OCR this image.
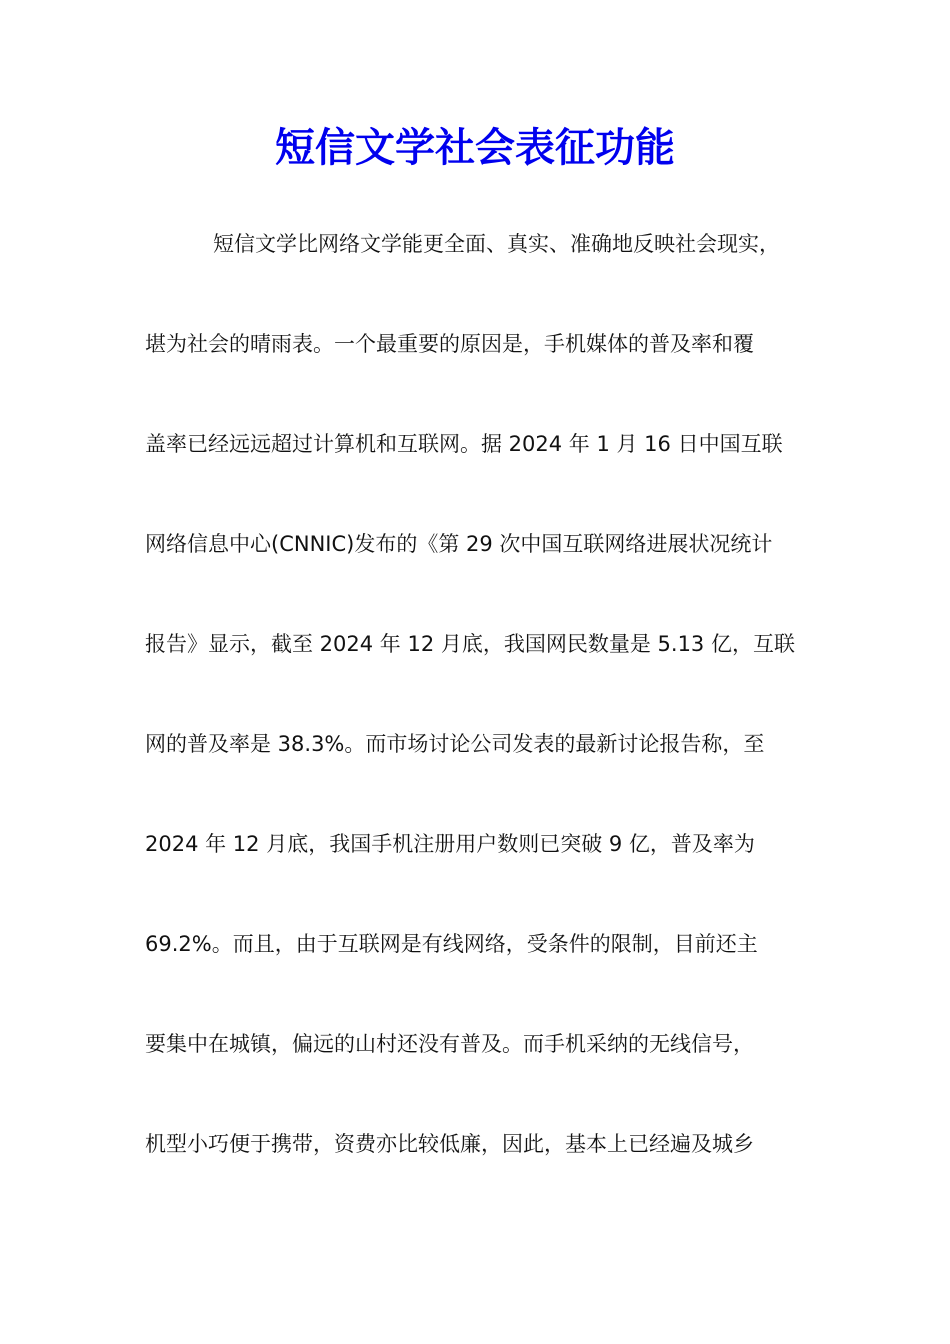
短信文学社会表征功能
短信文学比网络文学能更全面、真实、准确地反映社会现实，
堪为社会的晴雨表。一个最重要的原因是，手机媒体的普及率和覆
盖率已经远远超过计算机和互联网。据 2024 年 1 月 16 日中国互联
网络信息中心(CNNIC)发布的《第 29 次中国互联网络进展状况统计
报告》显示，截至 2024 年 12 月底，我国网民数量是 5.13 亿，互联
网的普及率是 38.3%。而市场讨论公司发表的最新讨论报告称，至
2024 年 12 月底，我国手机注册用户数则已突破 9 亿，普及率为
69.2%。而且，由于互联网是有线网络，受条件的限制，目前还主
要集中在城镇，偏远的山村还没有普及。而手机采纳的无线信号，
机型小巧便于携带，资费亦比较低廉，因此，基本上已经遍及城乡
